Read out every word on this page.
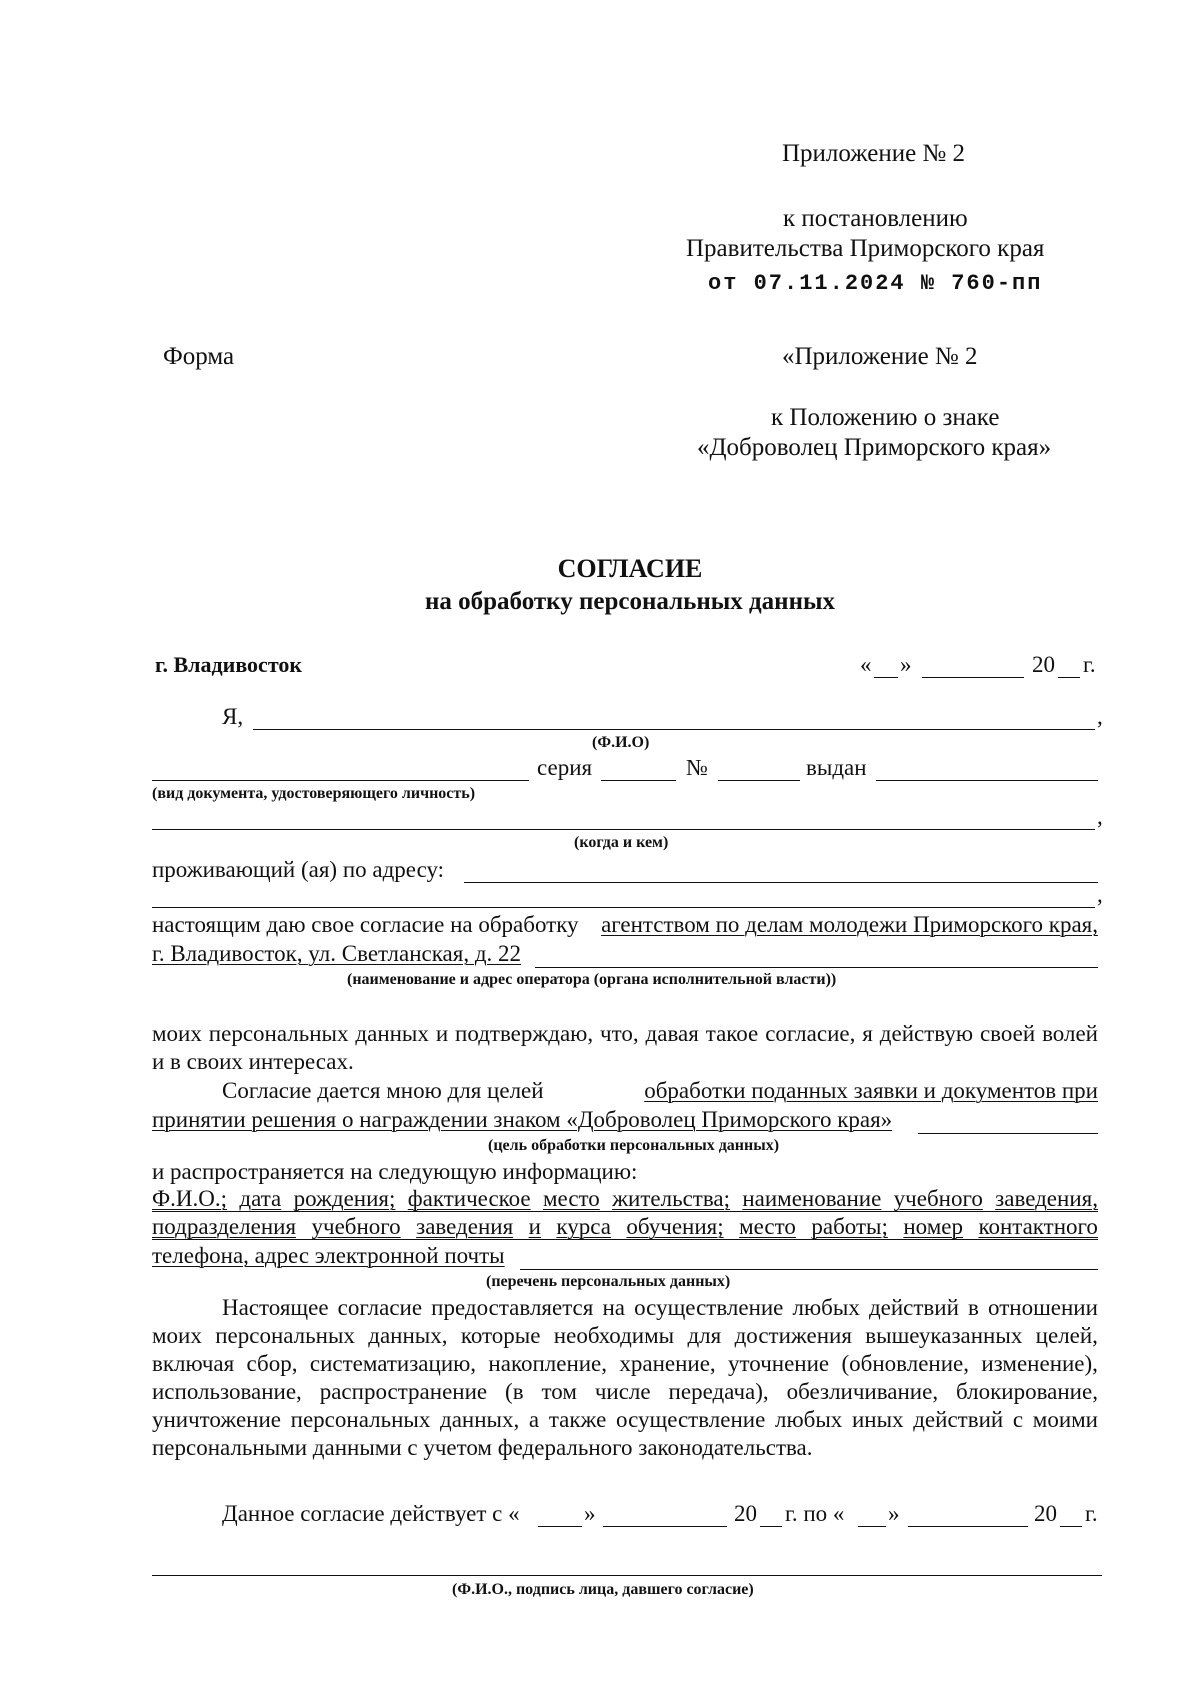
Приложение № 2
к постановлению
Правительства Приморского края
от 07.11.2024 № 760-пп
Форма	«Приложение № 2
к Положению о знаке
«Доброволец Приморского края»
СОГЛАСИЕ
на обработку персональных данных
г. Владивосток	« »	20 г.
Я,	,
(Ф.И.О)
серия	№	выдан
(вид документа, удостоверяющего личность)
,
(когда и кем)
проживающий (ая) по адресу:
,
настоящим даю свое согласие на обработку агентством по делам молодежи Приморского края,
г. Владивосток, ул. Светланская, д. 22
(наименование и адрес оператора (органа исполнительной власти))
моих персональных данных и подтверждаю, что, давая такое согласие, я действую своей волей
и в своих интересах.
Согласие дается мною для целей	обработки поданных заявки и документов при
принятии решения о награждении знаком «Доброволец Приморского края»
(цель обработки персональных данных)
и распространяется на следующую информацию:
Ф.И.О.; дата рождения; фактическое место жительства; наименование учебного заведения,
подразделения учебного заведения и курса обучения; место работы; номер контактного
телефона, адрес электронной почты
(перечень персональных данных)
Настоящее согласие предоставляется на осуществление любых действий в отношении
моих персональных данных, которые необходимы для достижения вышеуказанных целей,
включая сбор, систематизацию, накопление, хранение, уточнение (обновление, изменение),
использование, распространение (в том числе передача), обезличивание, блокирование,
уничтожение персональных данных, а также осуществление любых иных действий с моими
персональными данными с учетом федерального законодательства.
Данное согласие действует с «	»	20 г. по « »	20 г.
(Ф.И.О., подпись лица, давшего согласие)
